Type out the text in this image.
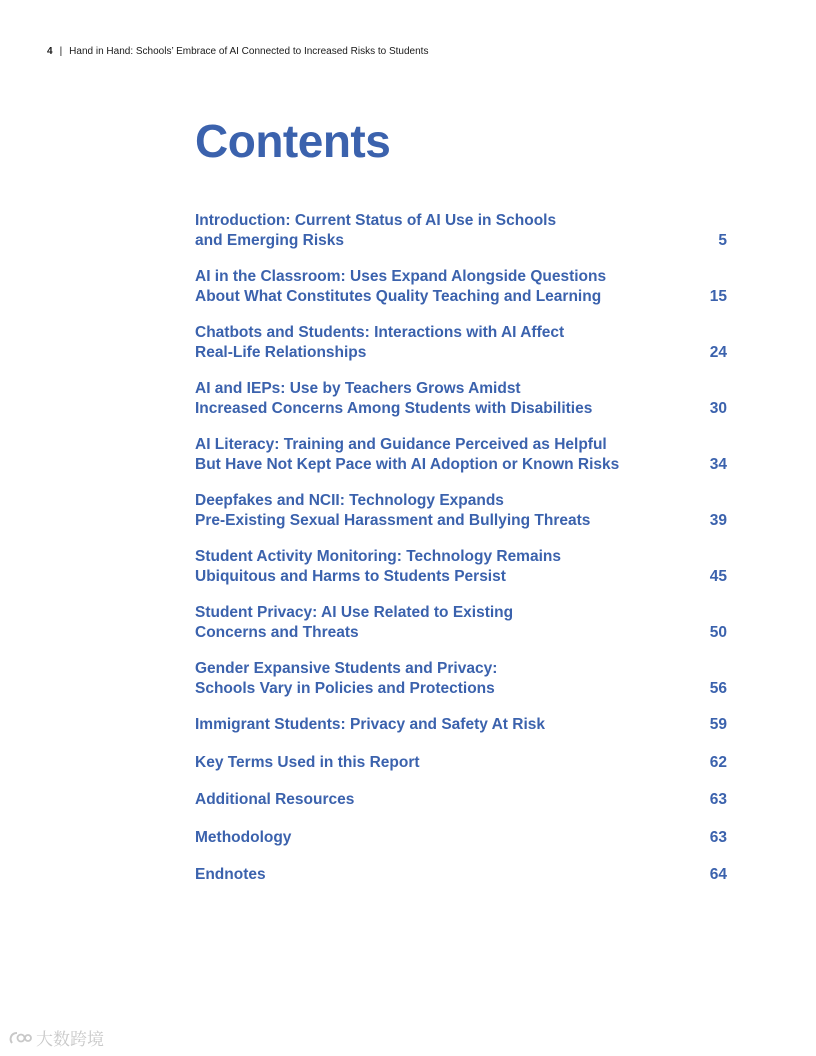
4 | Hand in Hand: Schools’ Embrace of AI Connected to Increased Risks to Students
Contents
Introduction: Current Status of AI Use in Schools
and Emerging Risks	5
AI in the Classroom: Uses Expand Alongside Questions
About What Constitutes Quality Teaching and Learning	15
Chatbots and Students: Interactions with AI Affect
Real-Life Relationships	24
AI and IEPs: Use by Teachers Grows Amidst
Increased Concerns Among Students with Disabilities	30
AI Literacy: Training and Guidance Perceived as Helpful
But Have Not Kept Pace with AI Adoption or Known Risks	34
Deepfakes and NCII: Technology Expands
Pre-Existing Sexual Harassment and Bullying Threats	39
Student Activity Monitoring: Technology Remains
Ubiquitous and Harms to Students Persist	45
Student Privacy: AI Use Related to Existing
Concerns and Threats	50
Gender Expansive Students and Privacy:
Schools Vary in Policies and Protections	56
Immigrant Students: Privacy and Safety At Risk	59
Key Terms Used in this Report	62
Additional Resources	63
Methodology	63
Endnotes	64
大数跨境
